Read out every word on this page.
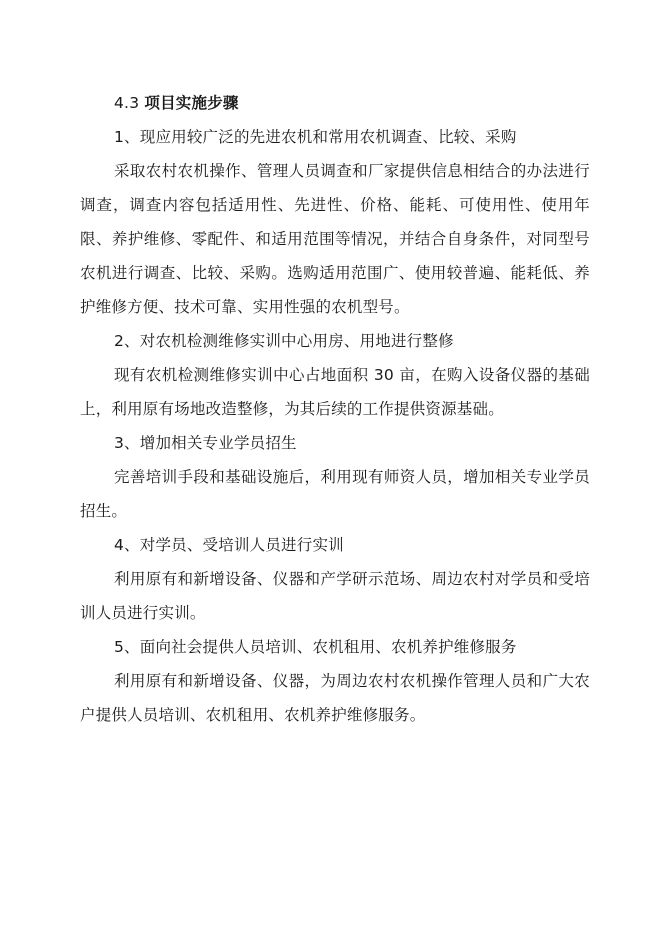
4.3 项目实施步骤

1、现应用较广泛的先进农机和常用农机调查、比较、采购

采取农村农机操作、管理人员调查和厂家提供信息相结合的办法进行调查，调查内容包括适用性、先进性、价格、能耗、可使用性、使用年限、养护维修、零配件、和适用范围等情况，并结合自身条件，对同型号农机进行调查、比较、采购。选购适用范围广、使用较普遍、能耗低、养护维修方便、技术可靠、实用性强的农机型号。

2、对农机检测维修实训中心用房、用地进行整修

现有农机检测维修实训中心占地面积 30 亩，在购入设备仪器的基础上，利用原有场地改造整修，为其后续的工作提供资源基础。

3、增加相关专业学员招生

完善培训手段和基础设施后，利用现有师资人员，增加相关专业学员招生。

4、对学员、受培训人员进行实训

利用原有和新增设备、仪器和产学研示范场、周边农村对学员和受培训人员进行实训。

5、面向社会提供人员培训、农机租用、农机养护维修服务

利用原有和新增设备、仪器，为周边农村农机操作管理人员和广大农户提供人员培训、农机租用、农机养护维修服务。
